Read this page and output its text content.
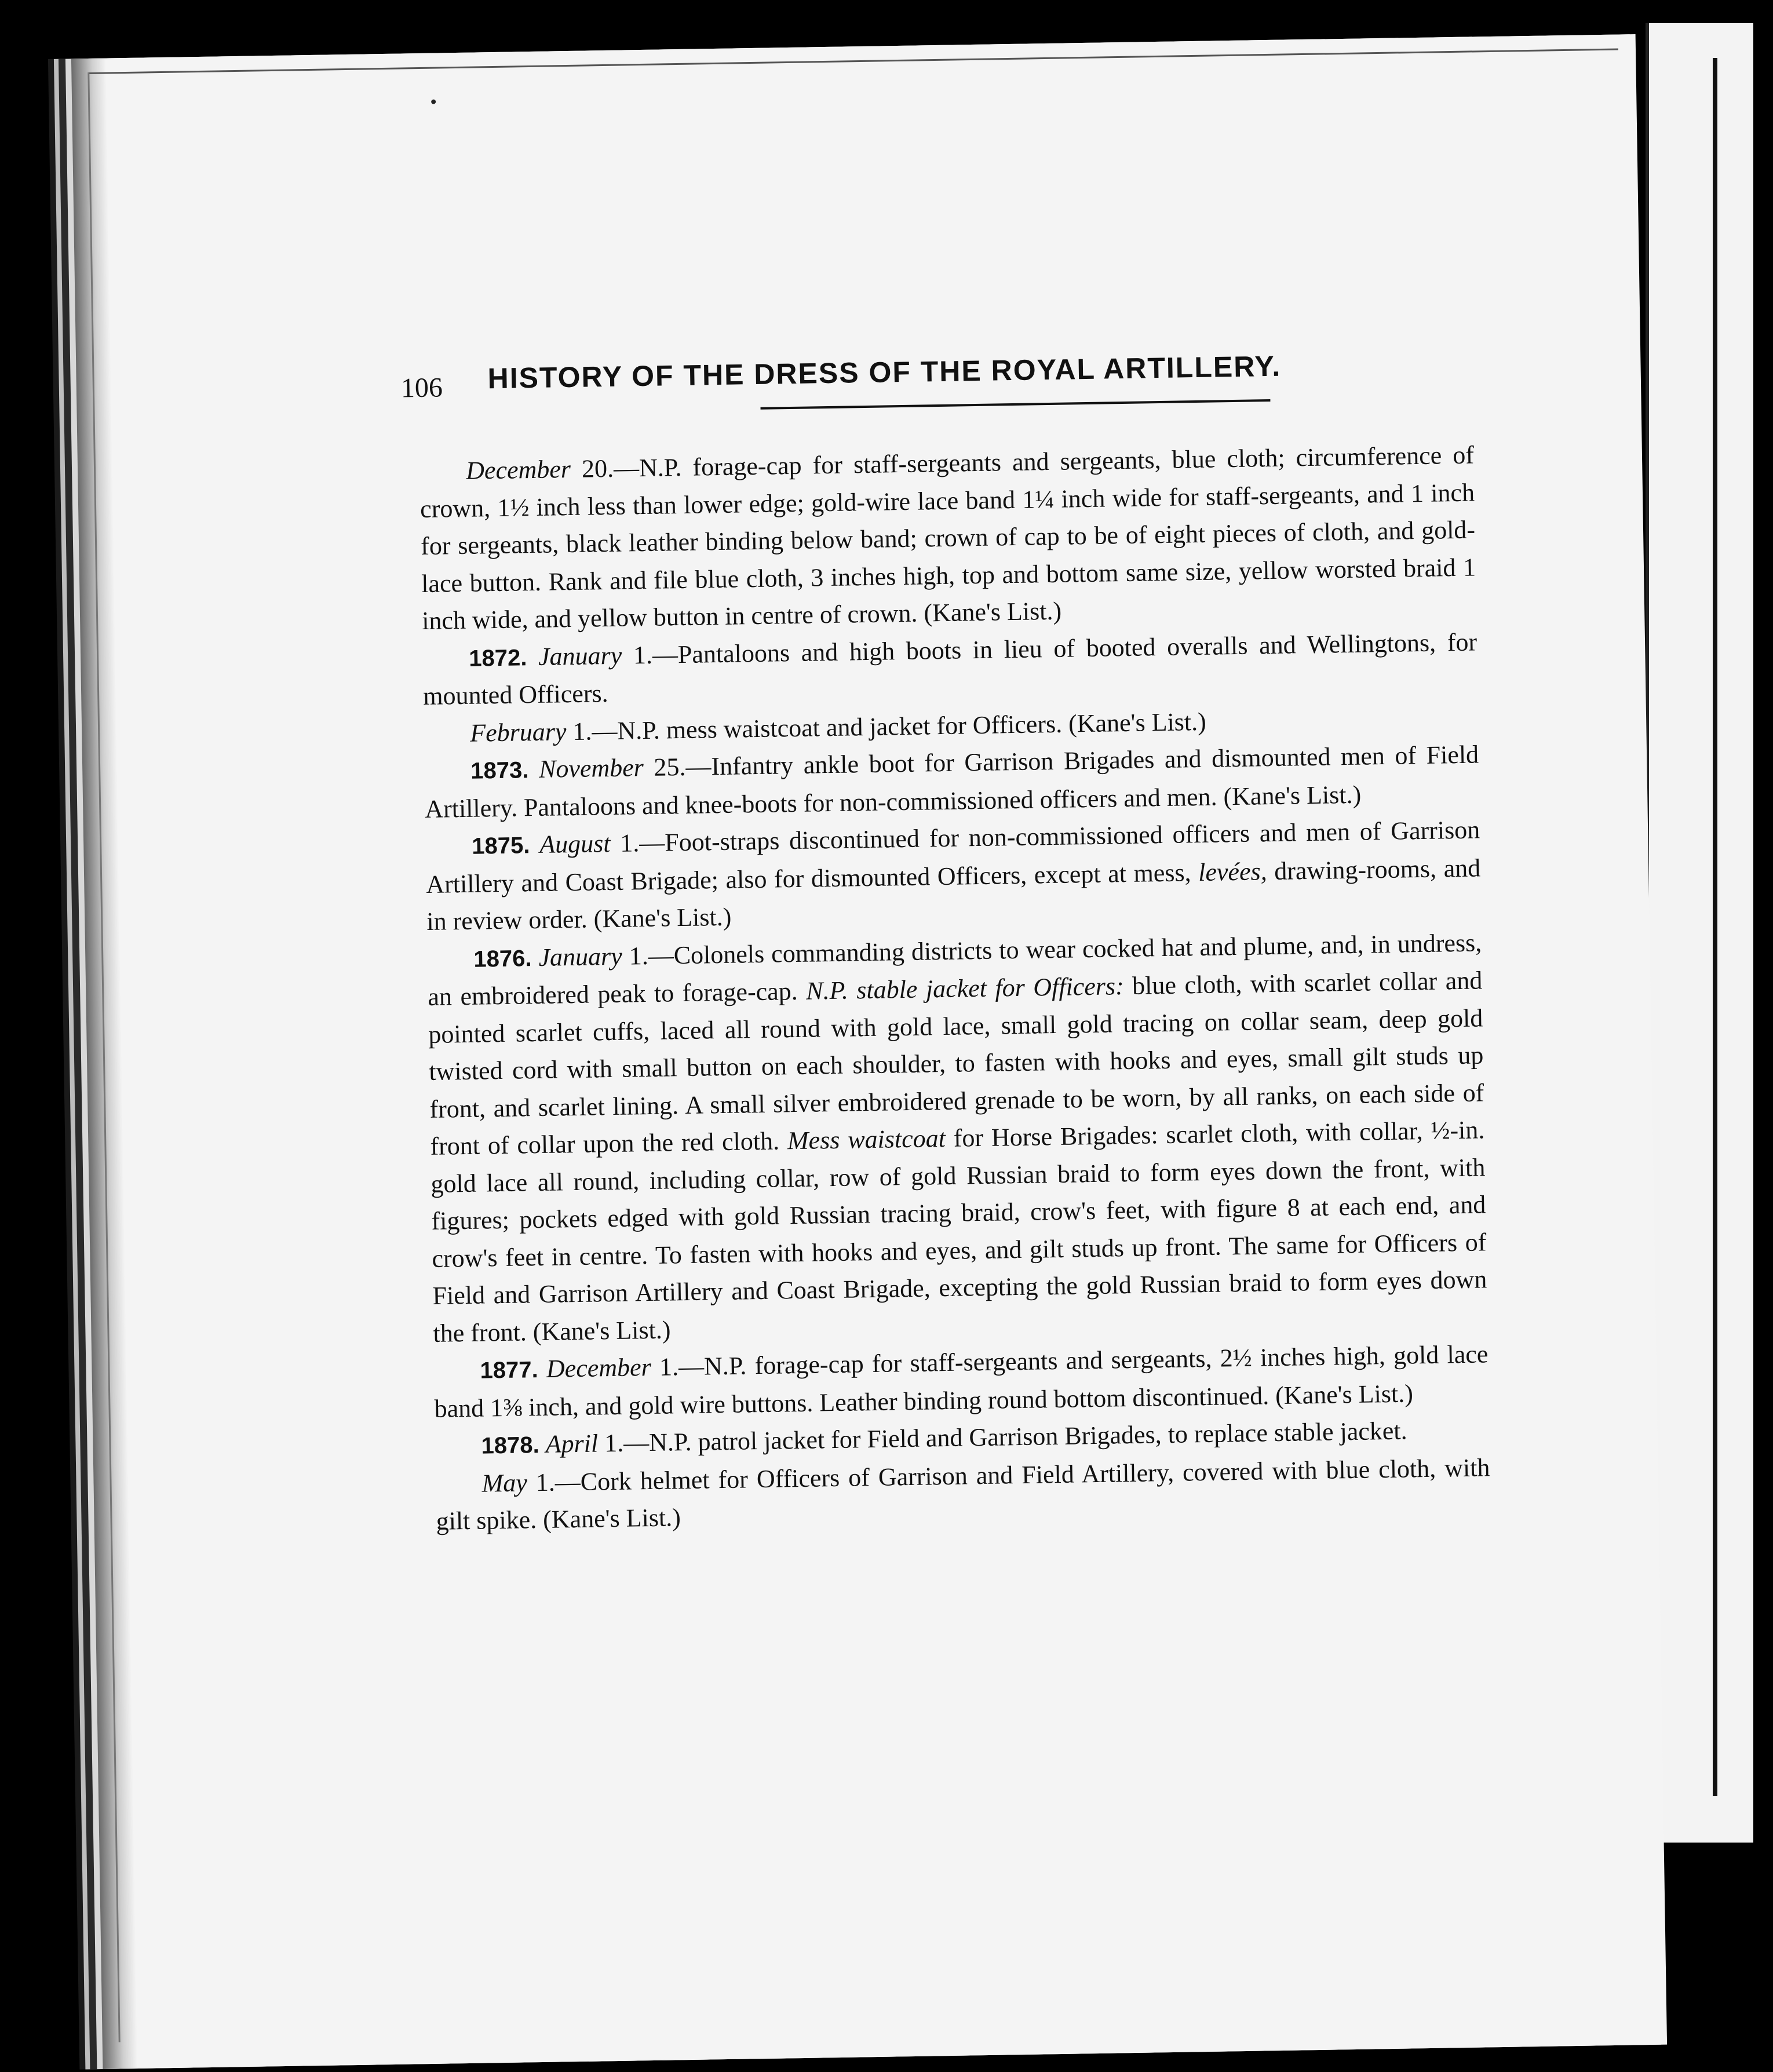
106 HISTORY OF THE DRESS OF THE ROYAL ARTILLERY.

December 20.—N.P. forage-cap for staff-sergeants and sergeants, blue cloth; circumference of crown, 1½ inch less than lower edge; gold-wire lace band 1¼ inch wide for staff-sergeants, and 1 inch for sergeants, black leather binding below band; crown of cap to be of eight pieces of cloth, and gold-lace button. Rank and file blue cloth, 3 inches high, top and bottom same size, yellow worsted braid 1 inch wide, and yellow button in centre of crown. (Kane's List.)

1872. January 1.—Pantaloons and high boots in lieu of booted overalls and Wellingtons, for mounted Officers.

February 1.—N.P. mess waistcoat and jacket for Officers. (Kane's List.)

1873. November 25.—Infantry ankle boot for Garrison Brigades and dismounted men of Field Artillery. Pantaloons and knee-boots for non-commissioned officers and men. (Kane's List.)

1875. August 1.—Foot-straps discontinued for non-commissioned officers and men of Garrison Artillery and Coast Brigade; also for dismounted Officers, except at mess, levées, drawing-rooms, and in review order. (Kane's List.)

1876. January 1.—Colonels commanding districts to wear cocked hat and plume, and, in undress, an embroidered peak to forage-cap. N.P. stable jacket for Officers: blue cloth, with scarlet collar and pointed scarlet cuffs, laced all round with gold lace, small gold tracing on collar seam, deep gold twisted cord with small button on each shoulder, to fasten with hooks and eyes, small gilt studs up front, and scarlet lining. A small silver embroidered grenade to be worn, by all ranks, on each side of front of collar upon the red cloth. Mess waistcoat for Horse Brigades: scarlet cloth, with collar, ½-in. gold lace all round, including collar, row of gold Russian braid to form eyes down the front, with figures; pockets edged with gold Russian tracing braid, crow's feet, with figure 8 at each end, and crow's feet in centre. To fasten with hooks and eyes, and gilt studs up front. The same for Officers of Field and Garrison Artillery and Coast Brigade, excepting the gold Russian braid to form eyes down the front. (Kane's List.)

1877. December 1.—N.P. forage-cap for staff-sergeants and sergeants, 2½ inches high, gold lace band 1⅜ inch, and gold wire buttons. Leather binding round bottom discontinued. (Kane's List.)

1878. April 1.—N.P. patrol jacket for Field and Garrison Brigades, to replace stable jacket.

May 1.—Cork helmet for Officers of Garrison and Field Artillery, covered with blue cloth, with gilt spike. (Kane's List.)
